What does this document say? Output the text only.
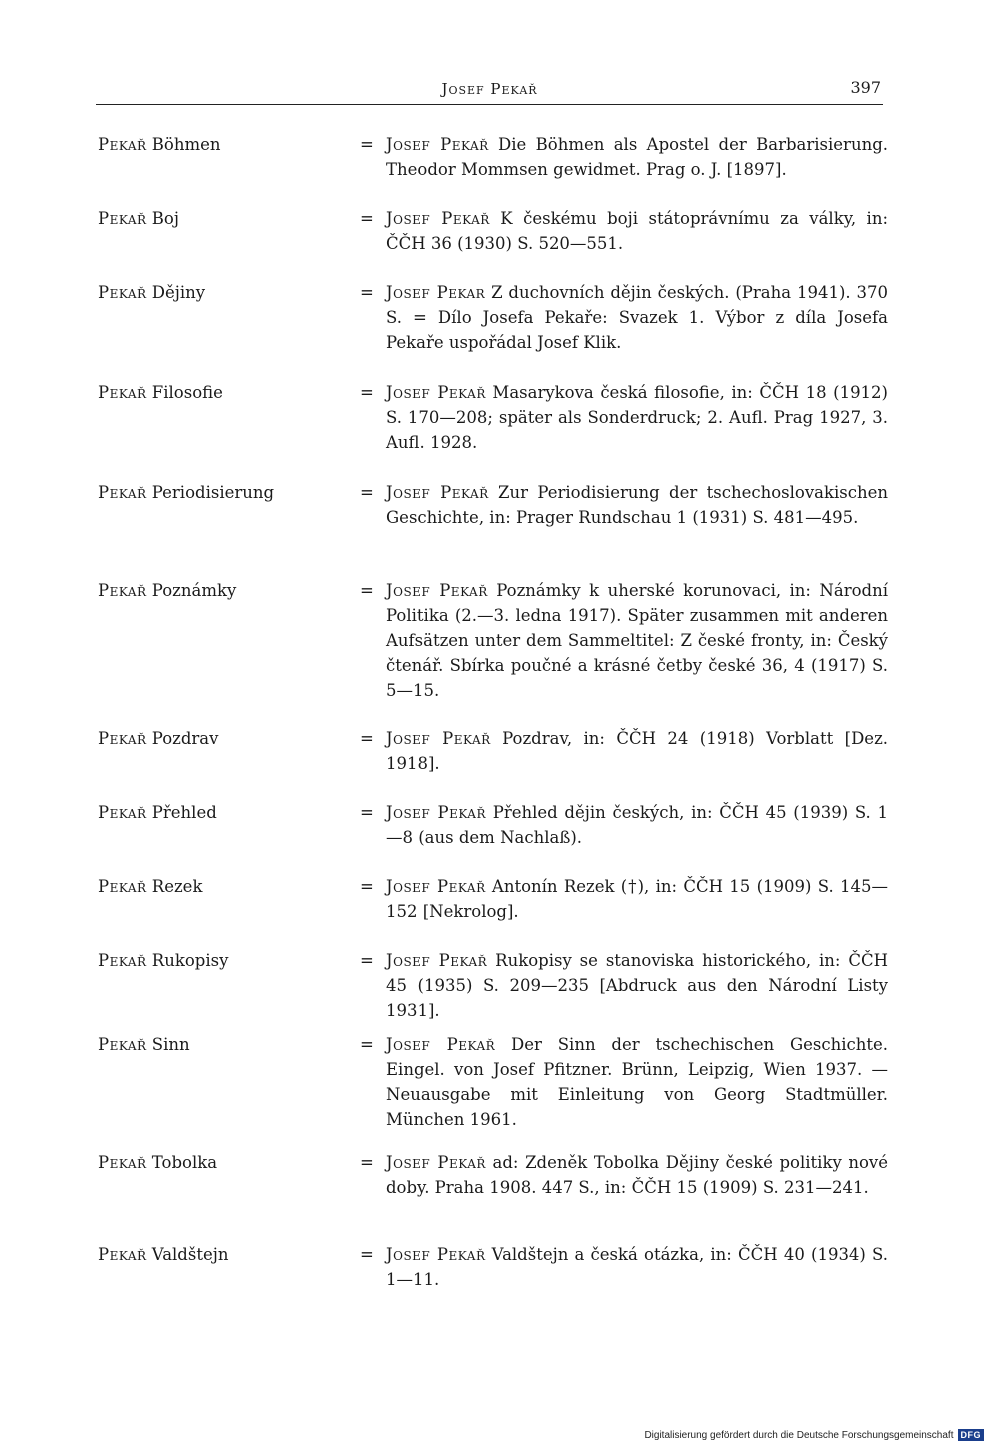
Josef Pekař	397
Pekař Böhmen	= Josef Pekař Die Böhmen als Apostel der Barbarisierung. Theodor Mommsen gewidmet. Prag o. J. [1897].
Pekař Boj	= Josef Pekař K českému boji státoprávnímu za války, in: ČČH 36 (1930) S. 520—551.
Pekař Dějiny	= Josef Pekar Z duchovních dějin českých. (Praha 1941). 370 S. = Dílo Josefa Pekaře: Svazek 1. Výbor z díla Josefa Pekaře uspořádal Josef Klik.
Pekař Filosofie	= Josef Pekař Masarykova česká filosofie, in: ČČH 18 (1912) S. 170—208; später als Sonderdruck; 2. Aufl. Prag 1927, 3. Aufl. 1928.
Pekař Periodisierung	= Josef Pekař Zur Periodisierung der tschechoslovakischen Geschichte, in: Prager Rundschau 1 (1931) S. 481—495.
Pekař Poznámky	= Josef Pekař Poznámky k uherské korunovaci, in: Národní Politika (2.—3. ledna 1917). Später zusammen mit anderen Aufsätzen unter dem Sammeltitel: Z české fronty, in: Český čtenář. Sbírka poučné a krásné četby české 36, 4 (1917) S. 5—15.
Pekař Pozdrav	= Josef Pekař Pozdrav, in: ČČH 24 (1918) Vorblatt [Dez. 1918].
Pekař Přehled	= Josef Pekař Přehled dějin českých, in: ČČH 45 (1939) S. 1—8 (aus dem Nachlaß).
Pekař Rezek	= Josef Pekař Antonín Rezek (†), in: ČČH 15 (1909) S. 145—152 [Nekrolog].
Pekař Rukopisy	= Josef Pekař Rukopisy se stanoviska historického, in: ČČH 45 (1935) S. 209—235 [Abdruck aus den Národní Listy 1931].
Pekař Sinn	= Josef Pekař Der Sinn der tschechischen Geschichte. Eingel. von Josef Pfitzner. Brünn, Leipzig, Wien 1937. — Neuausgabe mit Einleitung von Georg Stadtmüller. München 1961.
Pekař Tobolka	= Josef Pekař ad: Zdeněk Tobolka Dějiny české politiky nové doby. Praha 1908. 447 S., in: ČČH 15 (1909) S. 231—241.
Pekař Valdštejn	= Josef Pekař Valdštejn a česká otázka, in: ČČH 40 (1934) S. 1—11.
Digitalisierung gefördert durch die Deutsche Forschungsgemeinschaft DFG
